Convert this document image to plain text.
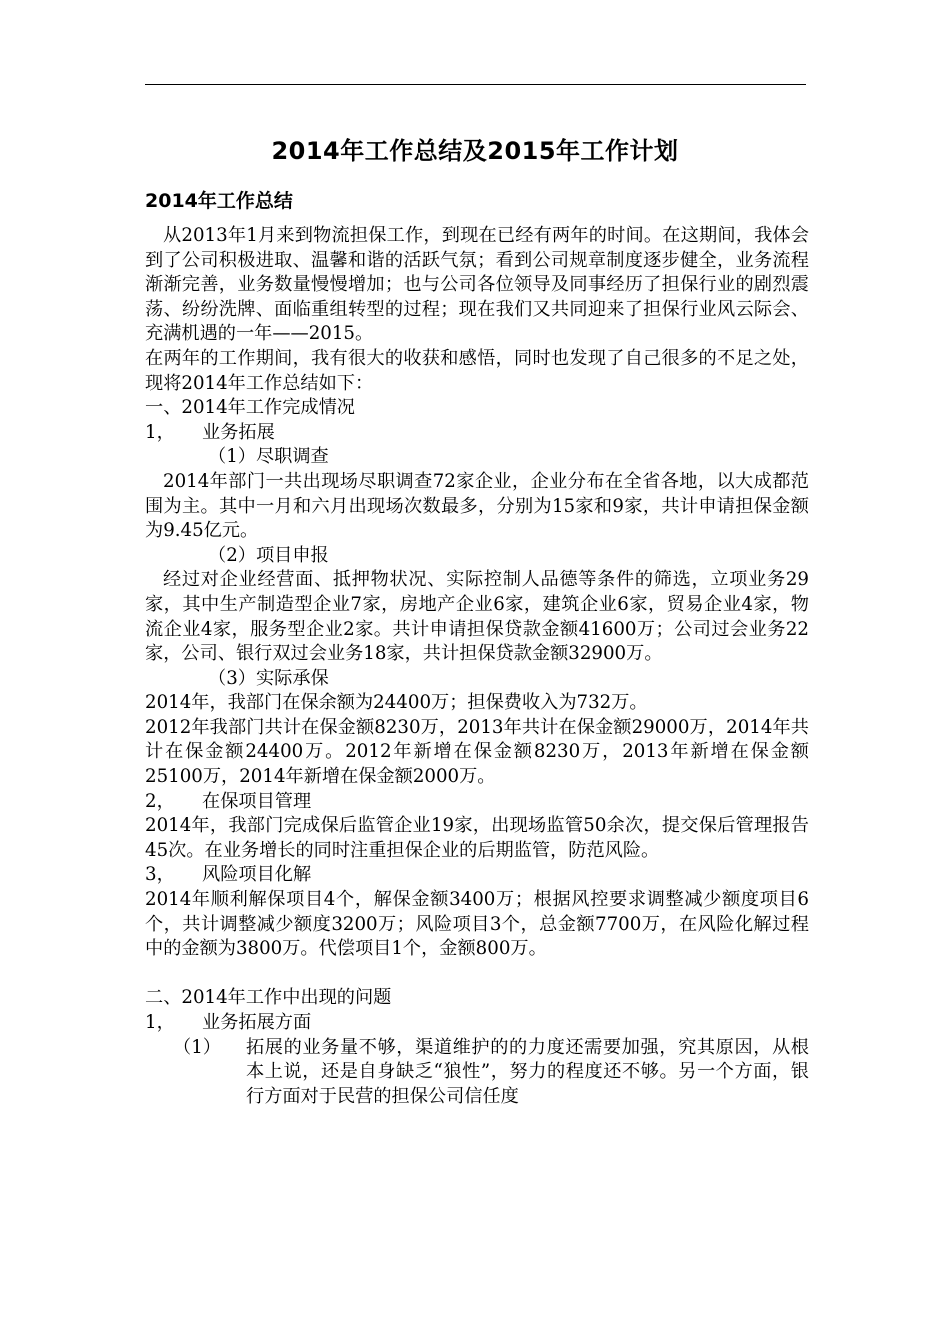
2014年工作总结及2015年工作计划
2014年工作总结

从2013年1月来到物流担保工作，到现在已经有两年的时间。在这期间，我体会到了公司积极进取、温馨和谐的活跃气氛；看到公司规章制度逐步健全，业务流程渐渐完善，业务数量慢慢增加；也与公司各位领导及同事经历了担保行业的剧烈震荡、纷纷洗牌、面临重组转型的过程；现在我们又共同迎来了担保行业风云际会、充满机遇的一年——2015。

在两年的工作期间，我有很大的收获和感悟，同时也发现了自己很多的不足之处，现将2014年工作总结如下：

一、2014年工作完成情况

1，	业务拓展

（1）尽职调查

2014年部门一共出现场尽职调查72家企业，企业分布在全省各地，以大成都范围为主。其中一月和六月出现场次数最多，分别为15家和9家，共计申请担保金额为9.45亿元。

（2）项目申报

经过对企业经营面、抵押物状况、实际控制人品德等条件的筛选，立项业务29家，其中生产制造型企业7家，房地产企业6家，建筑企业6家，贸易企业4家，物流企业4家，服务型企业2家。共计申请担保贷款金额41600万；公司过会业务22家，公司、银行双过会业务18家，共计担保贷款金额32900万。

（3）实际承保

2014年，我部门在保余额为24400万；担保费收入为732万。

2012年我部门共计在保金额8230万，2013年共计在保金额29000万，2014年共计在保金额24400万。2012年新增在保金额8230万，2013年新增在保金额25100万，2014年新增在保金额2000万。

2，	在保项目管理

2014年，我部门完成保后监管企业19家，出现场监管50余次，提交保后管理报告45次。在业务增长的同时注重担保企业的后期监管，防范风险。

3，	风险项目化解

2014年顺利解保项目4个，解保金额3400万；根据风控要求调整减少额度项目6个，共计调整减少额度3200万；风险项目3个，总金额7700万，在风险化解过程中的金额为3800万。代偿项目1个，金额800万。

二、2014年工作中出现的问题

1，	业务拓展方面
（1）	拓展的业务量不够，渠道维护的的力度还需要加强，究其原因，从根本上说，还是自身缺乏“狼性”，努力的程度还不够。另一个方面，银行方面对于民营的担保公司信任度
